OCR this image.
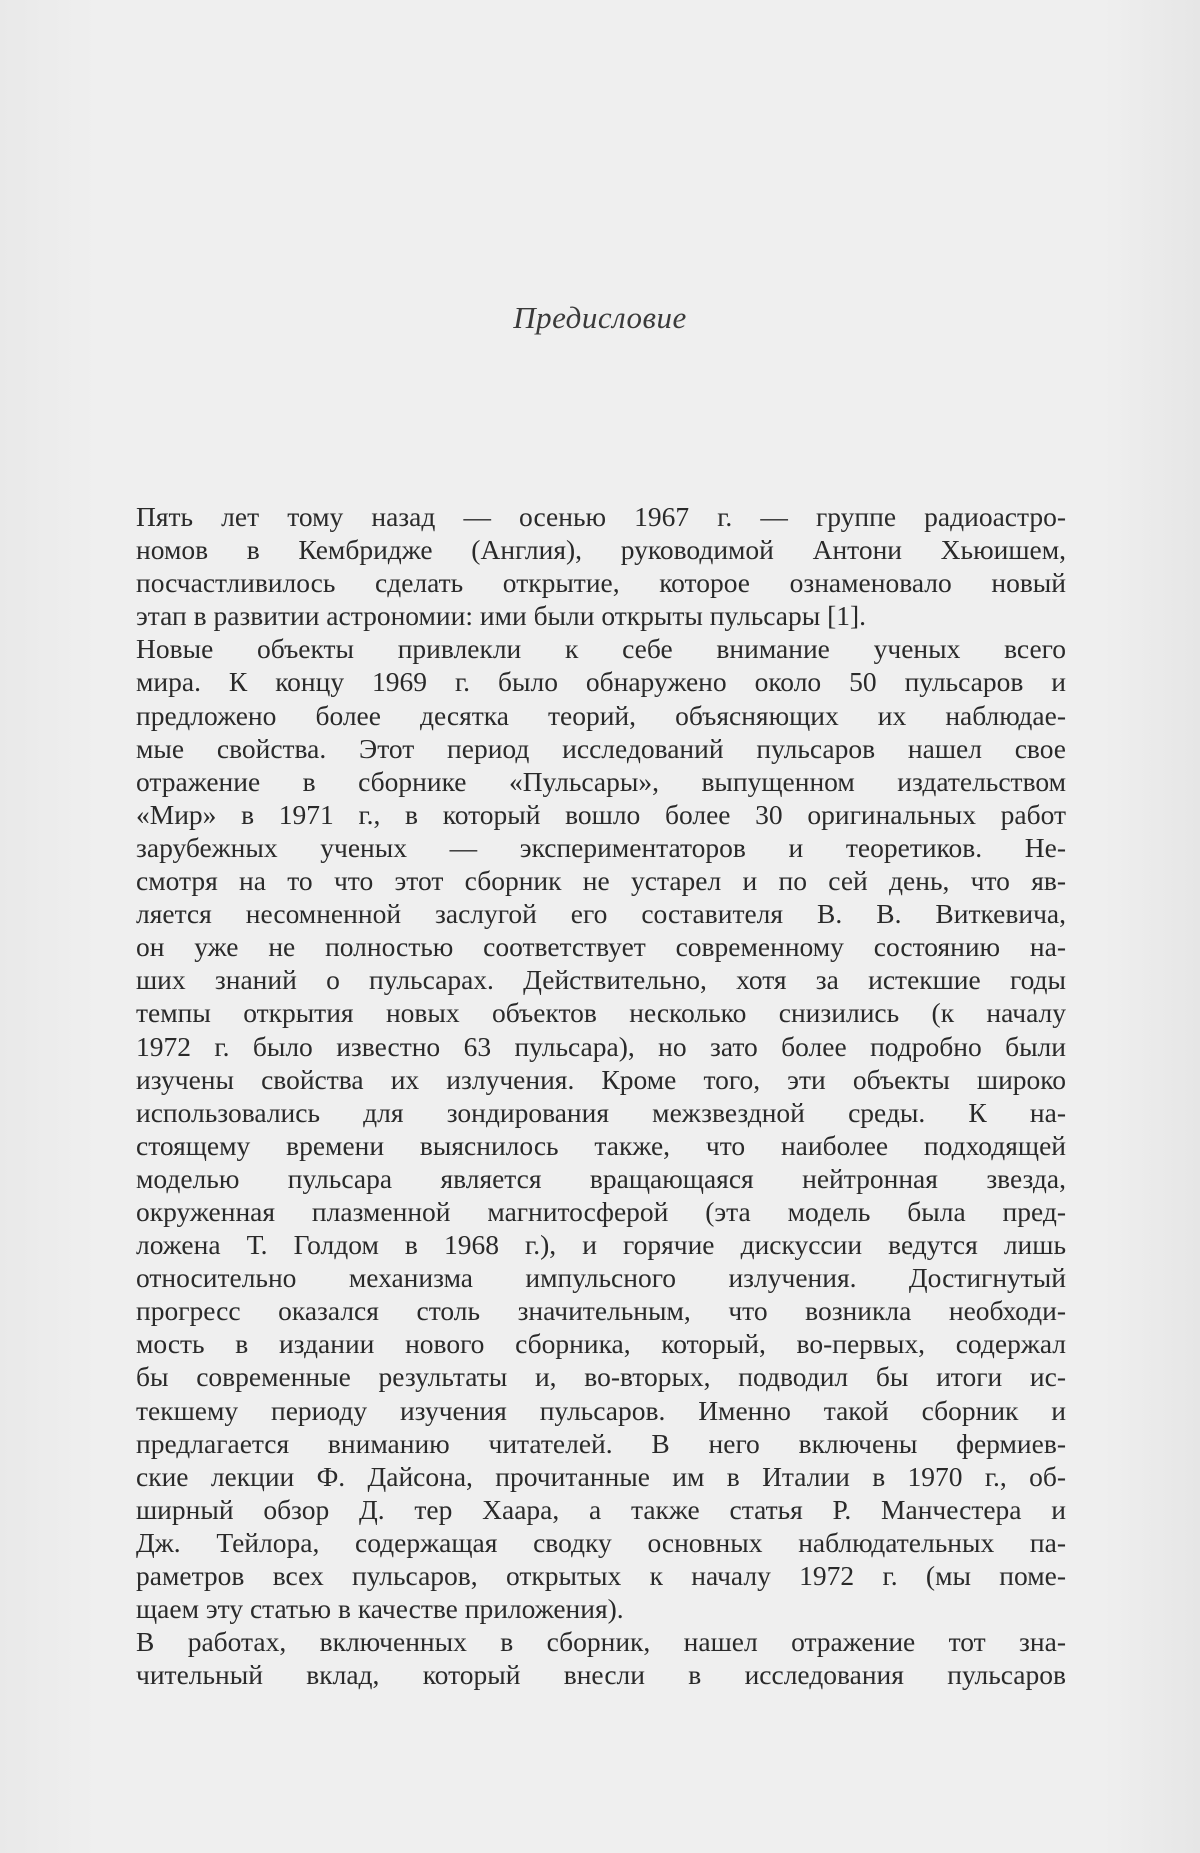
Предисловие
Пять лет тому назад — осенью 1967 г. — группе радиоастро-
номов в Кембридже (Англия), руководимой Антони Хьюишем,
посчастливилось сделать открытие, которое ознаменовало новый
этап в развитии астрономии: ими были открыты пульсары [1].
Новые объекты привлекли к себе внимание ученых всего
мира. К концу 1969 г. было обнаружено около 50 пульсаров и
предложено более десятка теорий, объясняющих их наблюдае-
мые свойства. Этот период исследований пульсаров нашел свое
отражение в сборнике «Пульсары», выпущенном издательством
«Мир» в 1971 г., в который вошло более 30 оригинальных работ
зарубежных ученых — экспериментаторов и теоретиков. Не-
смотря на то что этот сборник не устарел и по сей день, что яв-
ляется несомненной заслугой его составителя В. В. Виткевича,
он уже не полностью соответствует современному состоянию на-
ших знаний о пульсарах. Действительно, хотя за истекшие годы
темпы открытия новых объектов несколько снизились (к началу
1972 г. было известно 63 пульсара), но зато более подробно были
изучены свойства их излучения. Кроме того, эти объекты широко
использовались для зондирования межзвездной среды. К на-
стоящему времени выяснилось также, что наиболее подходящей
моделью пульсара является вращающаяся нейтронная звезда,
окруженная плазменной магнитосферой (эта модель была пред-
ложена Т. Голдом в 1968 г.), и горячие дискуссии ведутся лишь
относительно механизма импульсного излучения. Достигнутый
прогресс оказался столь значительным, что возникла необходи-
мость в издании нового сборника, который, во-первых, содержал
бы современные результаты и, во-вторых, подводил бы итоги ис-
текшему периоду изучения пульсаров. Именно такой сборник и
предлагается вниманию читателей. В него включены фермиев-
ские лекции Ф. Дайсона, прочитанные им в Италии в 1970 г., об-
ширный обзор Д. тер Хаара, а также статья Р. Манчестера и
Дж. Тейлора, содержащая сводку основных наблюдательных па-
раметров всех пульсаров, открытых к началу 1972 г. (мы поме-
щаем эту статью в качестве приложения).
В работах, включенных в сборник, нашел отражение тот зна-
чительный вклад, который внесли в исследования пульсаров
